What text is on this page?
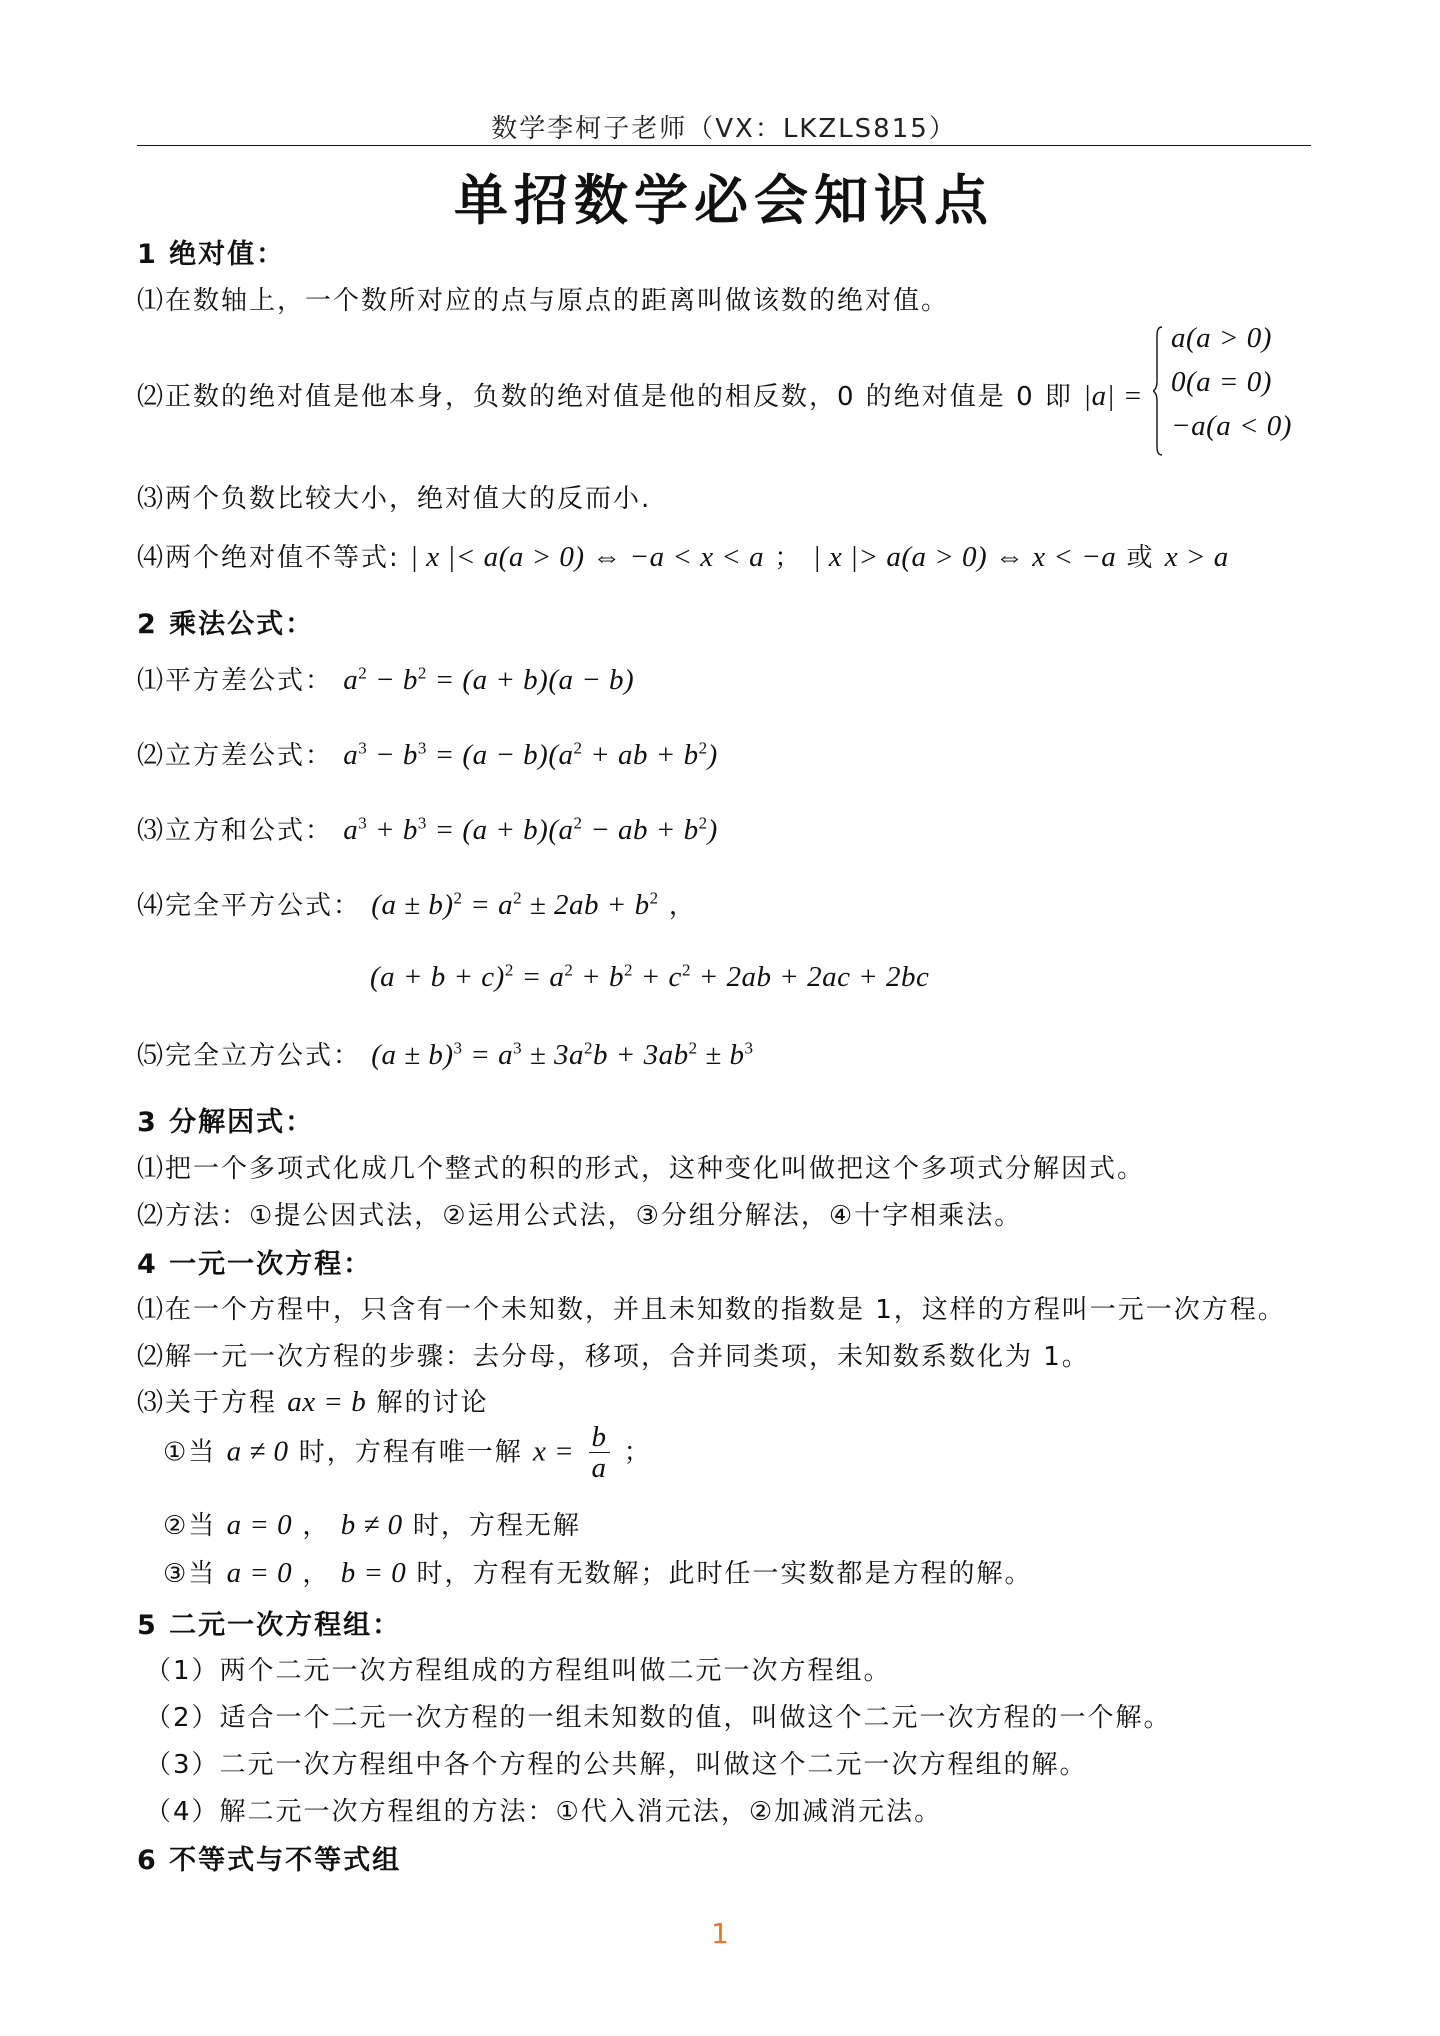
数学李柯子老师（VX：LKZLS815）
单招数学必会知识点
1 绝对值：
⑴在数轴上，一个数所对应的点与原点的距离叫做该数的绝对值。
⑵正数的绝对值是他本身，负数的绝对值是他的相反数，0 的绝对值是 0 即 |a| =
a(a > 0)
0(a = 0)
−a(a < 0)
⑶两个负数比较大小，绝对值大的反而小.
⑷两个绝对值不等式: | x |< a(a > 0) ⇔ −a < x < a ； | x |> a(a > 0) ⇔ x < −a 或 x > a
2 乘法公式：
⑴平方差公式： $a^2 - b^2 = (a + b)(a - b)$
⑵立方差公式： $a^3 - b^3 = (a - b)(a^2$ + ab + $b^2$)
⑶立方和公式： $a^3 + b^3 = (a + b)(a^2$ − ab + $b^2$)
⑷完全平方公式： $(a \pm b)^2 = a^2 \pm 2ab + b^2$ ，
$(a + b + c)^2 = a^2 + b^2 + c^2 + 2ab + 2ac + 2bc$
⑸完全立方公式： $(a \pm b)^3 = a^3 \pm 3a^2b + 3ab^2 \pm b^3$
3 分解因式：
⑴把一个多项式化成几个整式的积的形式，这种变化叫做把这个多项式分解因式。
⑵方法：①提公因式法，②运用公式法，③分组分解法，④十字相乘法。
4 一元一次方程：
⑴在一个方程中，只含有一个未知数，并且未知数的指数是 1，这样的方程叫一元一次方程。
⑵解一元一次方程的步骤：去分母，移项，合并同类项，未知数系数化为 1。
⑶关于方程 ax = b 解的讨论
①当 a ≠ 0 时，方程有唯一解 $x = \frac{b}{a}$ ；
②当 a = 0 ， b ≠ 0 时，方程无解
③当 a = 0 ， b = 0 时，方程有无数解；此时任一实数都是方程的解。
5 二元一次方程组：
（1）两个二元一次方程组成的方程组叫做二元一次方程组。
（2）适合一个二元一次方程的一组未知数的值，叫做这个二元一次方程的一个解。
（3）二元一次方程组中各个方程的公共解，叫做这个二元一次方程组的解。
（4）解二元一次方程组的方法：①代入消元法，②加减消元法。
6 不等式与不等式组
1
